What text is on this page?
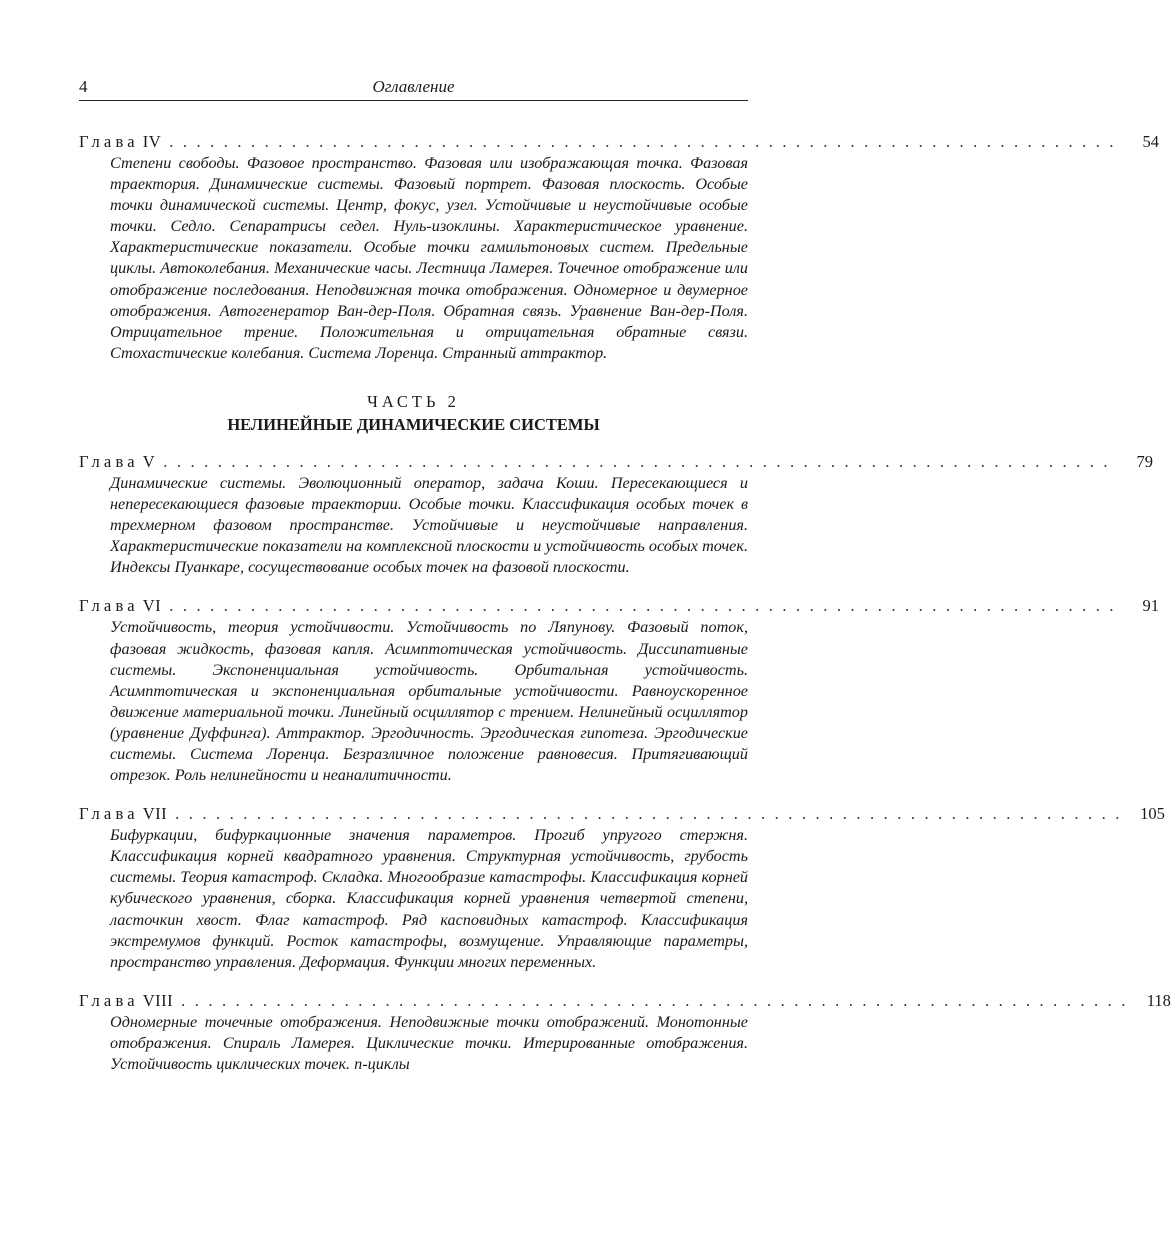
4	Оглавление
Глава IV ......................................................................	54

Степени свободы. Фазовое пространство. Фазовая или изображающая точка. Фазовая траектория. Динамические системы. Фазовый портрет. Фазовая плоскость. Особые точки динамической системы. Центр, фокус, узел. Устойчивые и неустойчивые особые точки. Седло. Сепаратрисы седел. Нуль-изоклины. Характеристическое уравнение. Характеристические показатели. Особые точки гамильтоновых систем. Предельные циклы. Автоколебания. Механические часы. Лестница Ламерея. Точечное отображение или отображение последования. Неподвижная точка отображения. Одномерное и двумерное отображения. Автогенератор Ван-дер-Поля. Обратная связь. Уравнение Ван-дер-Поля. Отрицательное трение. Положительная и отрицательная обратные связи. Стохастические колебания. Система Лоренца. Странный аттрактор.

ЧАСТЬ 2
НЕЛИНЕЙНЫЕ ДИНАМИЧЕСКИЕ СИСТЕМЫ
Глава V ......................................................................	79

Динамические системы. Эволюционный оператор, задача Коши. Пересекающиеся и непересекающиеся фазовые траектории. Особые точки. Классификация особых точек в трехмерном фазовом пространстве. Устойчивые и неустойчивые направления. Характеристические показатели на комплексной плоскости и устойчивость особых точек. Индексы Пуанкаре, сосуществование особых точек на фазовой плоскости.

Глава VI ......................................................................	91

Устойчивость, теория устойчивости. Устойчивость по Ляпунову. Фазовый поток, фазовая жидкость, фазовая капля. Асимптотическая устойчивость. Диссипативные системы. Экспоненциальная устойчивость. Орбитальная устойчивость. Асимптотическая и экспоненциальная орбитальные устойчивости. Равноускоренное движение материальной точки. Линейный осциллятор с трением. Нелинейный осциллятор (уравнение Дуффинга). Аттрактор. Эргодичность. Эргодическая гипотеза. Эргодические системы. Система Лоренца. Безразличное положение равновесия. Притягивающий отрезок. Роль нелинейности и неаналитичности.

Глава VII ...................................................................... 105

Бифуркации, бифуркационные значения параметров. Прогиб упругого стержня. Классификация корней квадратного уравнения. Структурная устойчивость, грубость системы. Теория катастроф. Складка. Многообразие катастрофы. Классификация корней кубического уравнения, сборка. Классификация корней уравнения четвертой степени, ласточкин хвост. Флаг катастроф. Ряд касповидных катастроф. Классификация экстремумов функций. Росток катастрофы, возмущение. Управляющие параметры, пространство управления. Деформация. Функции многих переменных.

Глава VIII ...................................................................... 118

Одномерные точечные отображения. Неподвижные точки отображений. Монотонные отображения. Спираль Ламерея. Циклические точки. Итерированные отображения. Устойчивость циклических точек. n-циклы
